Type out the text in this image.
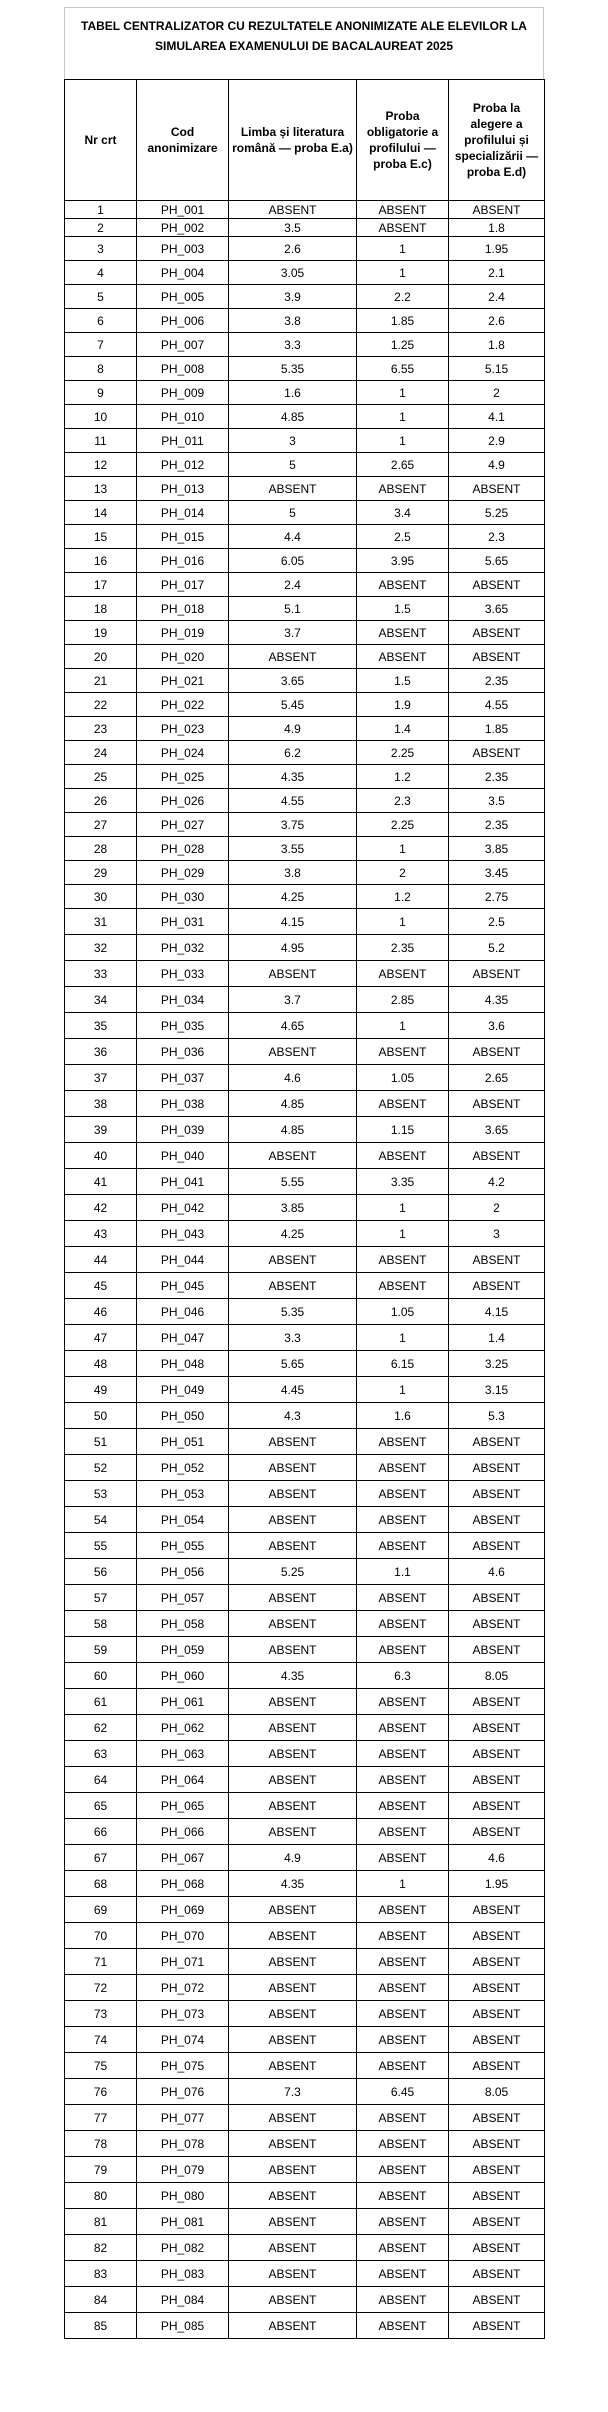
TABEL CENTRALIZATOR CU REZULTATELE ANONIMIZATE ALE ELEVILOR LA SIMULAREA EXAMENULUI DE BACALAUREAT 2025
Nr crt	Cod anonimizare	Limba și literatura română — proba E.a)	Proba obligatorie a profilului — proba E.c)	Proba la alegere a profilului și specializării — proba E.d)
1	PH_001	ABSENT	ABSENT	ABSENT
2	PH_002	3.5	ABSENT	1.8
3	PH_003	2.6	1	1.95
4	PH_004	3.05	1	2.1
5	PH_005	3.9	2.2	2.4
6	PH_006	3.8	1.85	2.6
7	PH_007	3.3	1.25	1.8
8	PH_008	5.35	6.55	5.15
9	PH_009	1.6	1	2
10	PH_010	4.85	1	4.1
11	PH_011	3	1	2.9
12	PH_012	5	2.65	4.9
13	PH_013	ABSENT	ABSENT	ABSENT
14	PH_014	5	3.4	5.25
15	PH_015	4.4	2.5	2.3
16	PH_016	6.05	3.95	5.65
17	PH_017	2.4	ABSENT	ABSENT
18	PH_018	5.1	1.5	3.65
19	PH_019	3.7	ABSENT	ABSENT
20	PH_020	ABSENT	ABSENT	ABSENT
21	PH_021	3.65	1.5	2.35
22	PH_022	5.45	1.9	4.55
23	PH_023	4.9	1.4	1.85
24	PH_024	6.2	2.25	ABSENT
25	PH_025	4.35	1.2	2.35
26	PH_026	4.55	2.3	3.5
27	PH_027	3.75	2.25	2.35
28	PH_028	3.55	1	3.85
29	PH_029	3.8	2	3.45
30	PH_030	4.25	1.2	2.75
31	PH_031	4.15	1	2.5
32	PH_032	4.95	2.35	5.2
33	PH_033	ABSENT	ABSENT	ABSENT
34	PH_034	3.7	2.85	4.35
35	PH_035	4.65	1	3.6
36	PH_036	ABSENT	ABSENT	ABSENT
37	PH_037	4.6	1.05	2.65
38	PH_038	4.85	ABSENT	ABSENT
39	PH_039	4.85	1.15	3.65
40	PH_040	ABSENT	ABSENT	ABSENT
41	PH_041	5.55	3.35	4.2
42	PH_042	3.85	1	2
43	PH_043	4.25	1	3
44	PH_044	ABSENT	ABSENT	ABSENT
45	PH_045	ABSENT	ABSENT	ABSENT
46	PH_046	5.35	1.05	4.15
47	PH_047	3.3	1	1.4
48	PH_048	5.65	6.15	3.25
49	PH_049	4.45	1	3.15
50	PH_050	4.3	1.6	5.3
51	PH_051	ABSENT	ABSENT	ABSENT
52	PH_052	ABSENT	ABSENT	ABSENT
53	PH_053	ABSENT	ABSENT	ABSENT
54	PH_054	ABSENT	ABSENT	ABSENT
55	PH_055	ABSENT	ABSENT	ABSENT
56	PH_056	5.25	1.1	4.6
57	PH_057	ABSENT	ABSENT	ABSENT
58	PH_058	ABSENT	ABSENT	ABSENT
59	PH_059	ABSENT	ABSENT	ABSENT
60	PH_060	4.35	6.3	8.05
61	PH_061	ABSENT	ABSENT	ABSENT
62	PH_062	ABSENT	ABSENT	ABSENT
63	PH_063	ABSENT	ABSENT	ABSENT
64	PH_064	ABSENT	ABSENT	ABSENT
65	PH_065	ABSENT	ABSENT	ABSENT
66	PH_066	ABSENT	ABSENT	ABSENT
67	PH_067	4.9	ABSENT	4.6
68	PH_068	4.35	1	1.95
69	PH_069	ABSENT	ABSENT	ABSENT
70	PH_070	ABSENT	ABSENT	ABSENT
71	PH_071	ABSENT	ABSENT	ABSENT
72	PH_072	ABSENT	ABSENT	ABSENT
73	PH_073	ABSENT	ABSENT	ABSENT
74	PH_074	ABSENT	ABSENT	ABSENT
75	PH_075	ABSENT	ABSENT	ABSENT
76	PH_076	7.3	6.45	8.05
77	PH_077	ABSENT	ABSENT	ABSENT
78	PH_078	ABSENT	ABSENT	ABSENT
79	PH_079	ABSENT	ABSENT	ABSENT
80	PH_080	ABSENT	ABSENT	ABSENT
81	PH_081	ABSENT	ABSENT	ABSENT
82	PH_082	ABSENT	ABSENT	ABSENT
83	PH_083	ABSENT	ABSENT	ABSENT
84	PH_084	ABSENT	ABSENT	ABSENT
85	PH_085	ABSENT	ABSENT	ABSENT
